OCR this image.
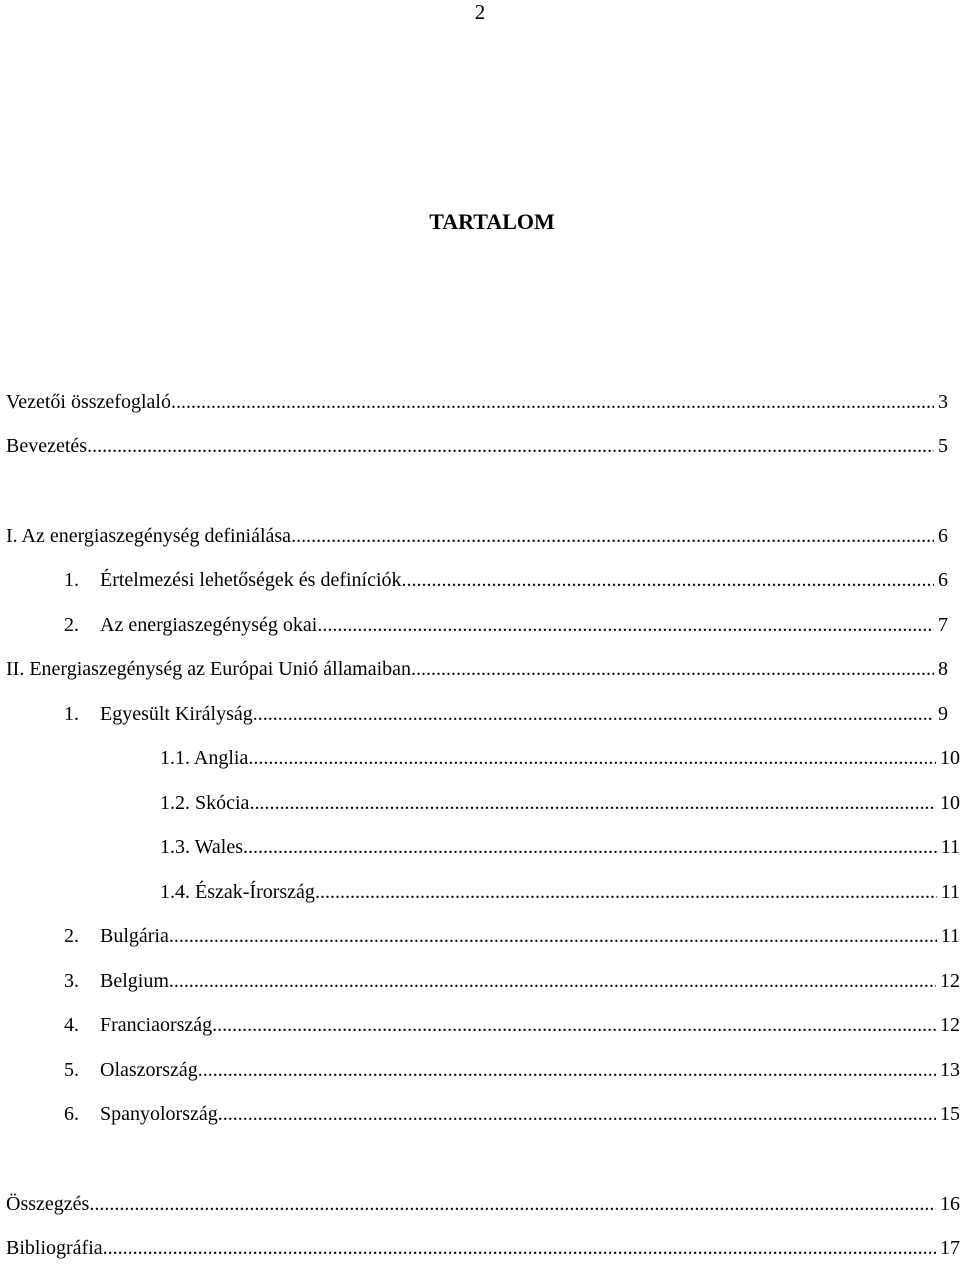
2
TARTALOM
Vezetői összefoglaló .....	3
Bevezetés .....	5
I. Az energiaszegénység definiálása .....	6
1.	Értelmezési lehetőségek és definíciók .....	6
2.	Az energiaszegénység okai .....	7
II. Energiaszegénység az Európai Unió államaiban .....	8
1.	Egyesült Királyság .....	9
1.1. Anglia .....	10
1.2. Skócia .....	10
1.3. Wales .....	11
1.4. Észak-Írország .....	11
2.	Bulgária .....	11
3.	Belgium .....	12
4.	Franciaország .....	12
5.	Olaszország .....	13
6.	Spanyolország .....	15
Összegzés .....	16
Bibliográfia .....	17
